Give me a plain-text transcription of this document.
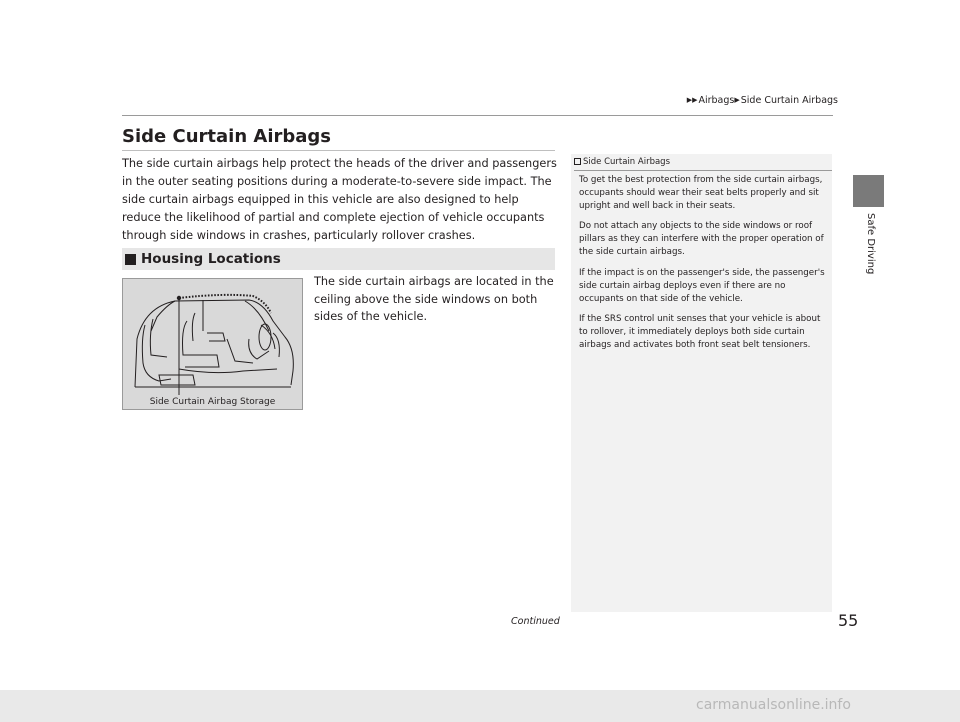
▶▶Airbags▶Side Curtain Airbags
Safe Driving
Side Curtain Airbags

The side curtain airbags help protect the heads of the driver and passengers in the outer seating positions during a moderate-to-severe side impact. The side curtain airbags equipped in this vehicle are also designed to help reduce the likelihood of partial and complete ejection of vehicle occupants through side windows in crashes, particularly rollover crashes.

Housing Locations

The side curtain airbags are located in the ceiling above the side windows on both sides of the vehicle.

Side Curtain Airbag Storage
Side Curtain Airbags

To get the best protection from the side curtain airbags, occupants should wear their seat belts properly and sit upright and well back in their seats.

Do not attach any objects to the side windows or roof pillars as they can interfere with the proper operation of the side curtain airbags.

If the impact is on the passenger's side, the passenger's side curtain airbag deploys even if there are no occupants on that side of the vehicle.

If the SRS control unit senses that your vehicle is about to rollover, it immediately deploys both side curtain airbags and activates both front seat belt tensioners.

Continued	55
carmanualsonline.info
